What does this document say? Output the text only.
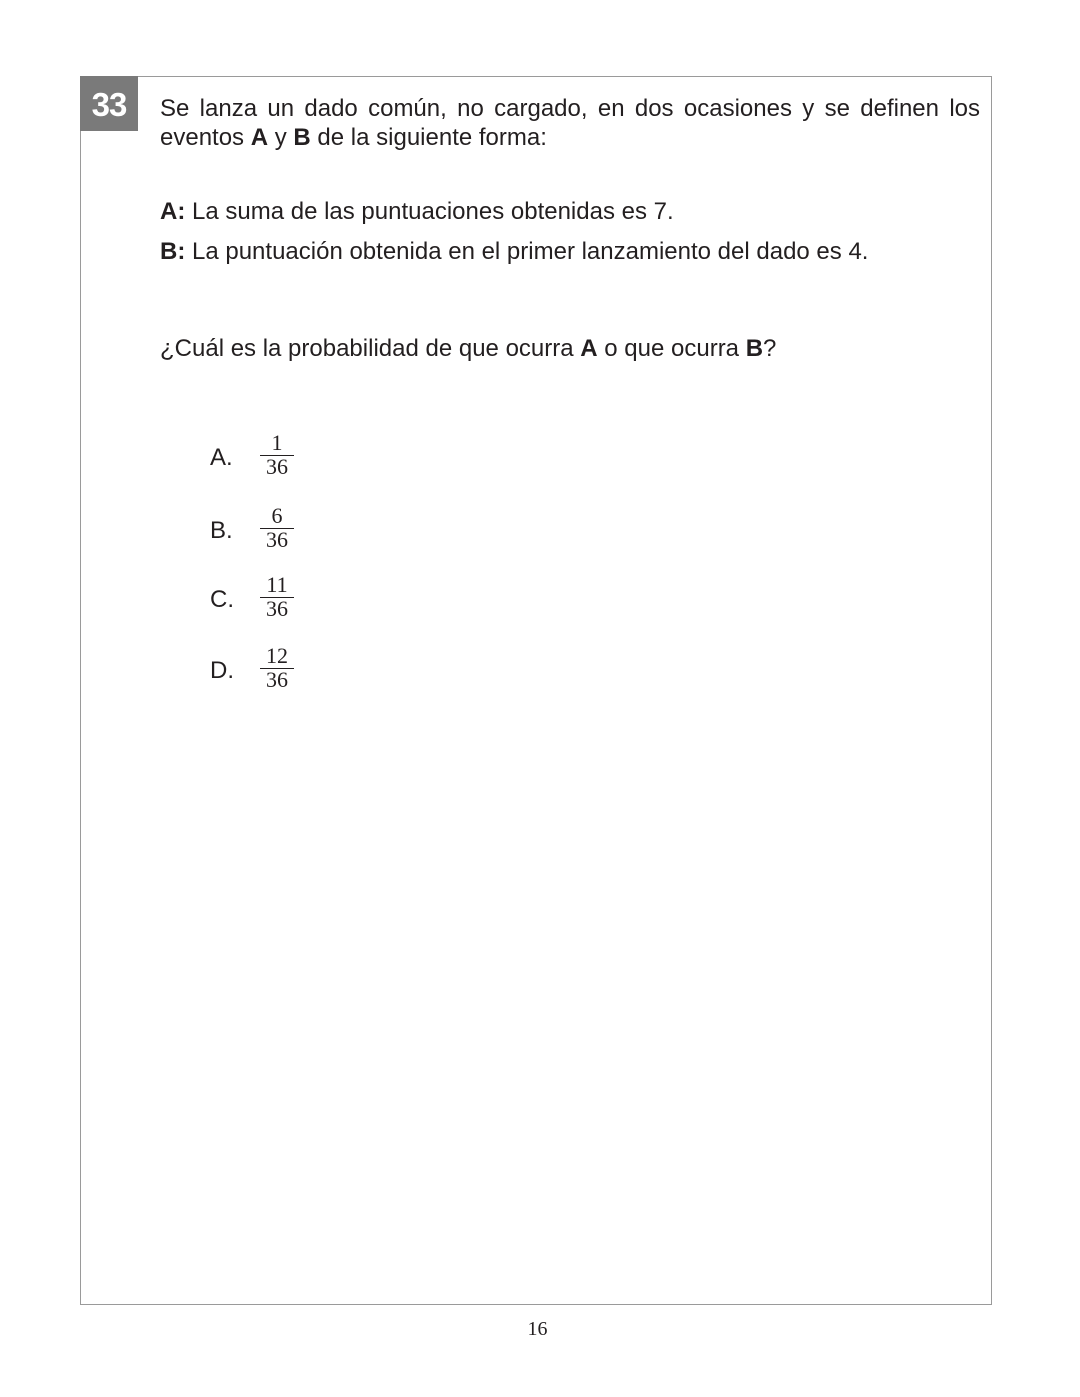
33	Se lanza un dado común, no cargado, en dos ocasiones y se definen los eventos A y B de la siguiente forma:
A: La suma de las puntuaciones obtenidas es 7.
B: La puntuación obtenida en el primer lanzamiento del dado es 4.
¿Cuál es la probabilidad de que ocurra A o que ocurra B?
A. $\frac{1}{36}$
B. $\frac{6}{36}$
C. $\frac{11}{36}$
D. $\frac{12}{36}$
16
